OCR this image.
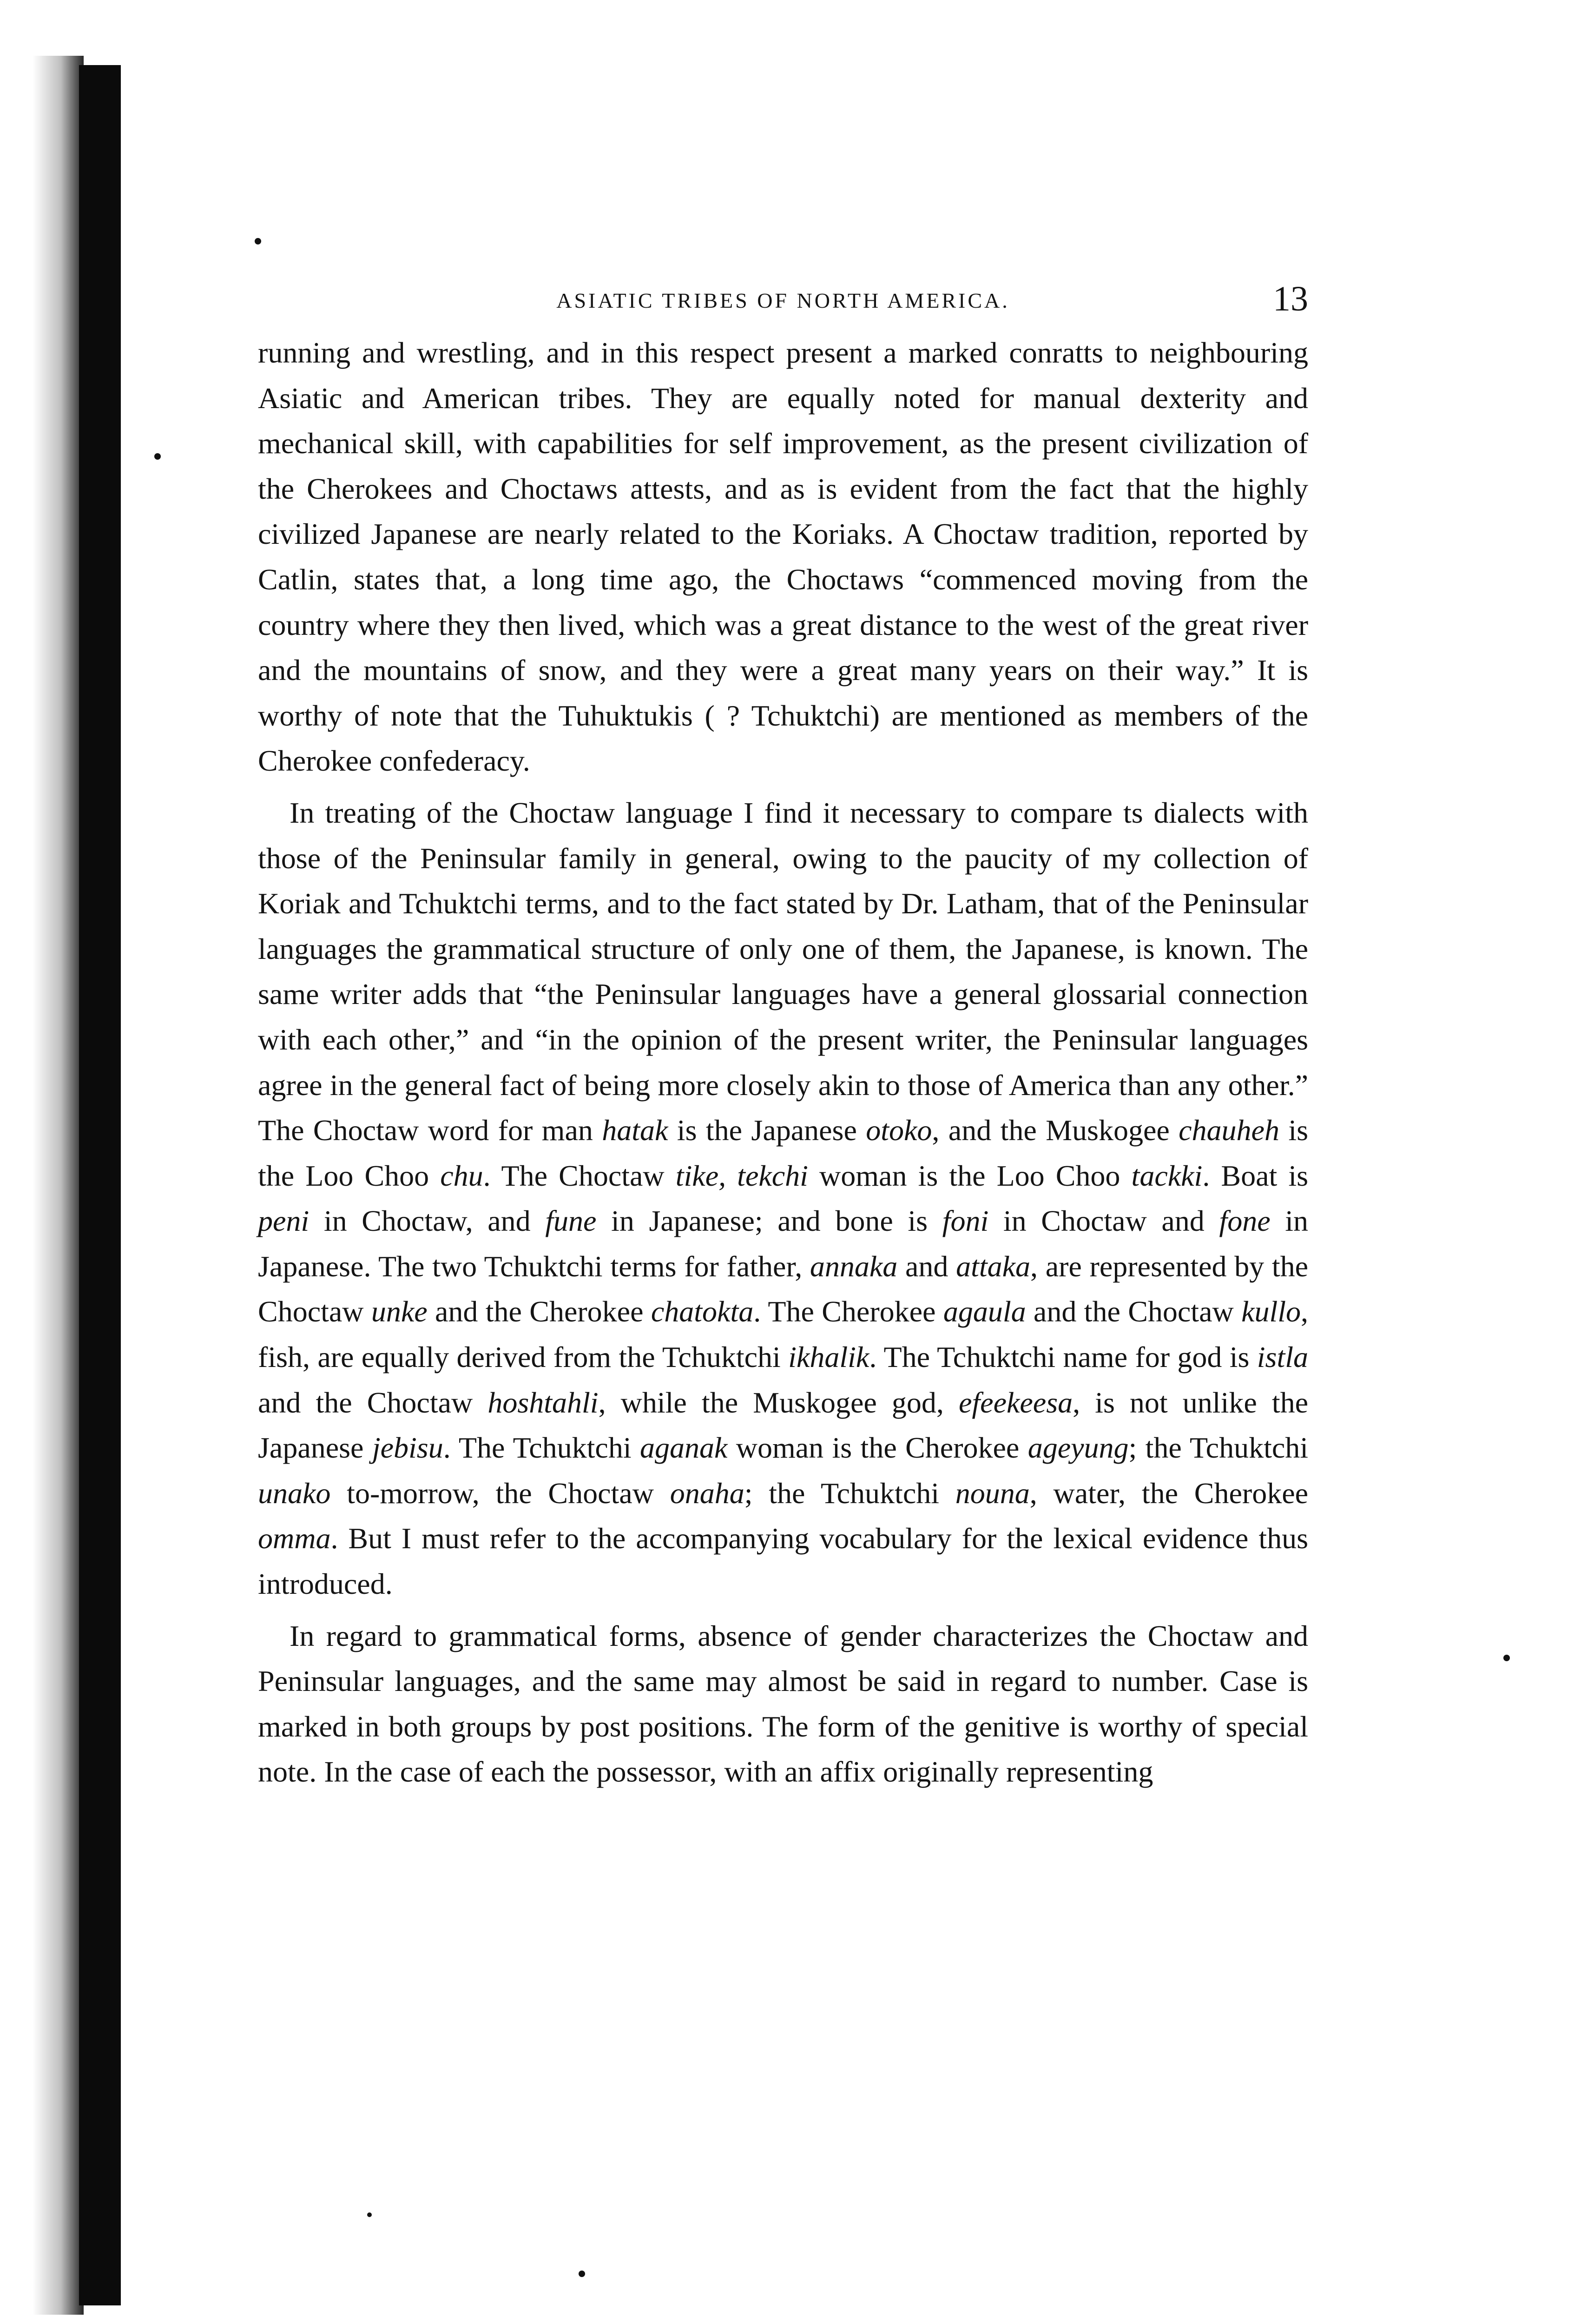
ASIATIC TRIBES OF NORTH AMERICA.	13

running and wrestling, and in this respect present a marked conratts to neighbouring Asiatic and American tribes. They are equally noted for manual dexterity and mechanical skill, with capabilities for self improvement, as the present civilization of the Cherokees and Choctaws attests, and as is evident from the fact that the highly civilized Japanese are nearly related to the Koriaks. A Choctaw tradition, reported by Catlin, states that, a long time ago, the Choctaws “commenced moving from the country where they then lived, which was a great distance to the west of the great river and the mountains of snow, and they were a great many years on their way.” It is worthy of note that the Tuhuktukis ( ? Tchuktchi) are mentioned as members of the Cherokee confederacy.

In treating of the Choctaw language I find it necessary to compare ts dialects with those of the Peninsular family in general, owing to the paucity of my collection of Koriak and Tchuktchi terms, and to the fact stated by Dr. Latham, that of the Peninsular languages the grammatical structure of only one of them, the Japanese, is known. The same writer adds that “the Peninsular languages have a general glossarial connection with each other,” and “in the opinion of the present writer, the Peninsular languages agree in the general fact of being more closely akin to those of America than any other.” The Choctaw word for man hatak is the Japanese otoko, and the Muskogee chauheh is the Loo Choo chu. The Choctaw tike, tekchi woman is the Loo Choo tackki. Boat is peni in Choctaw, and fune in Japanese; and bone is foni in Choctaw and fone in Japanese. The two Tchuktchi terms for father, annaka and attaka, are represented by the Choctaw unke and the Cherokee chatokta. The Cherokee agaula and the Choctaw kullo, fish, are equally derived from the Tchuktchi ikhalik. The Tchuktchi name for god is istla and the Choctaw hoshtahli, while the Muskogee god, efeekeesa, is not unlike the Japanese jebisu. The Tchuktchi aganak woman is the Cherokee ageyung; the Tchuktchi unako to-morrow, the Choctaw onaha; the Tchuktchi nouna, water, the Cherokee omma. But I must refer to the accompanying vocabulary for the lexical evidence thus introduced.

In regard to grammatical forms, absence of gender characterizes the Choctaw and Peninsular languages, and the same may almost be said in regard to number. Case is marked in both groups by post positions. The form of the genitive is worthy of special note. In the case of each the possessor, with an affix originally representing
